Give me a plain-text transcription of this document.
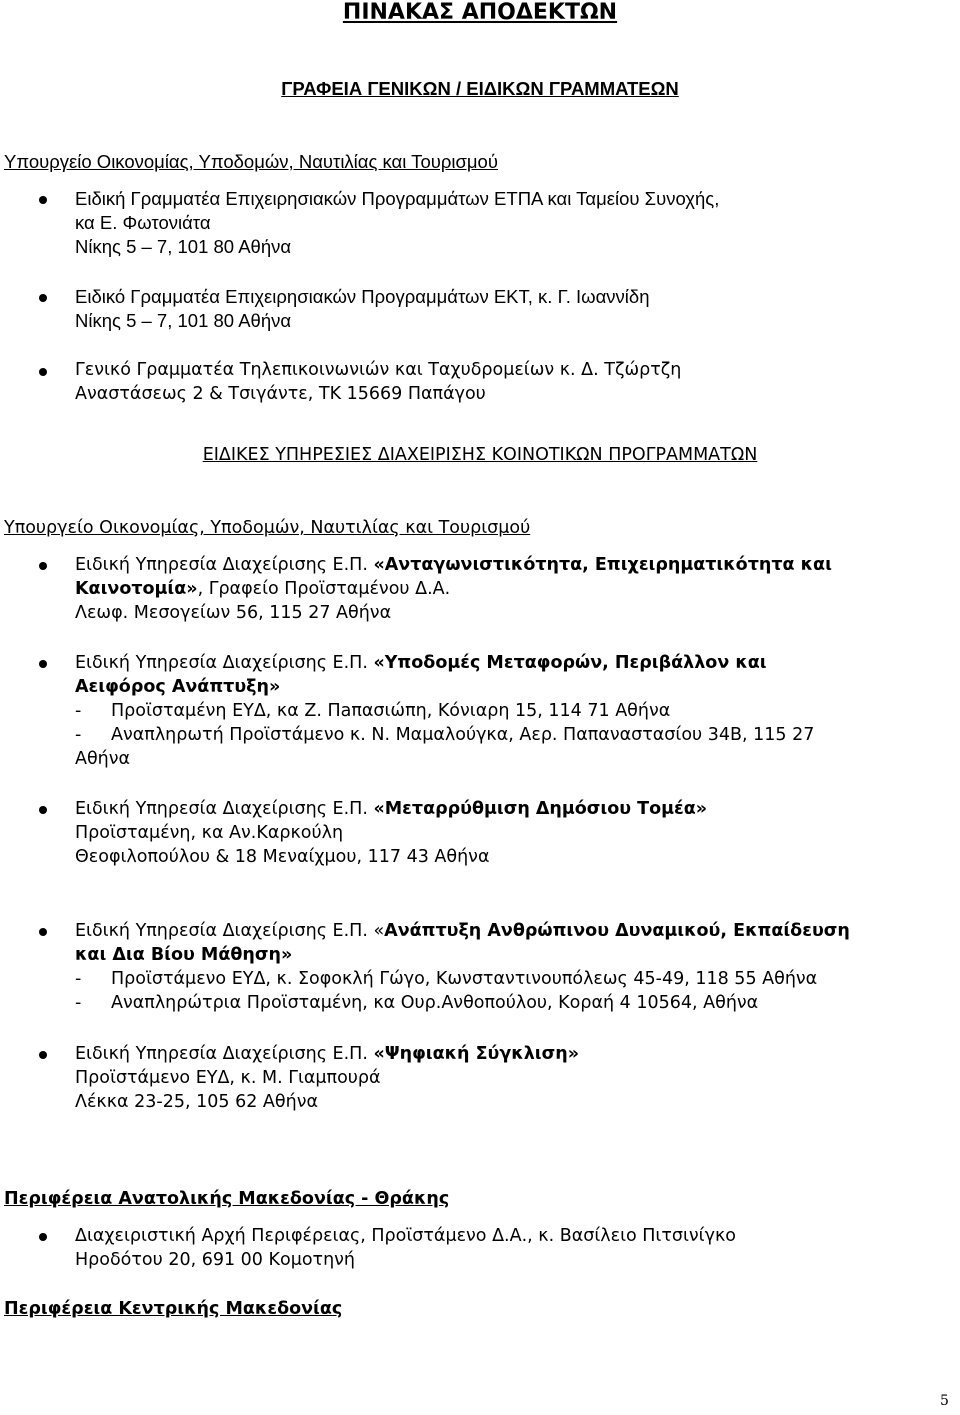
ΠΙΝΑΚΑΣ ΑΠΟΔΕΚΤΩΝ
ΓΡΑΦΕΙΑ ΓΕΝΙΚΩΝ / ΕΙΔΙΚΩΝ ΓΡΑΜΜΑΤΕΩΝ
Υπουργείο Οικονομίας, Υποδομών, Ναυτιλίας και Τουρισμού
Ειδική Γραμματέα Επιχειρησιακών Προγραμμάτων ΕΤΠΑ και Ταμείου Συνοχής,
κα Ε. Φωτονιάτα
Νίκης 5 – 7, 101 80 Αθήνα
Ειδικό Γραμματέα Επιχειρησιακών Προγραμμάτων ΕΚΤ, κ. Γ. Ιωαννίδη
Νίκης 5 – 7, 101 80 Αθήνα
Γενικό Γραμματέα Τηλεπικοινωνιών και Ταχυδρομείων κ. Δ. Τζώρτζη
Αναστάσεως 2 & Τσιγάντε, ΤΚ 15669 Παπάγου
ΕΙΔΙΚΕΣ ΥΠΗΡΕΣΙΕΣ ΔΙΑΧΕΙΡΙΣΗΣ ΚΟΙΝΟΤΙΚΩΝ ΠΡΟΓΡΑΜΜΑΤΩΝ
Υπουργείο Οικονομίας, Υποδομών, Ναυτιλίας και Τουρισμού
Ειδική Υπηρεσία Διαχείρισης Ε.Π. «Ανταγωνιστικότητα, Επιχειρηματικότητα και
Καινοτομία», Γραφείο Προϊσταμένου Δ.Α.
Λεωφ. Μεσογείων 56, 115 27 Αθήνα
Ειδική Υπηρεσία Διαχείρισης Ε.Π. «Υποδομές Μεταφορών, Περιβάλλον και
Αειφόρος Ανάπτυξη»
- Προϊσταμένη ΕΥΔ, κα Ζ. Πaπασιώπη, Κόνιαρη 15, 114 71 Αθήνα
- Αναπληρωτή Προϊστάμενο κ. Ν. Μαμαλούγκα, Αερ. Παπαναστασίου 34Β, 115 27
Αθήνα
Ειδική Υπηρεσία Διαχείρισης Ε.Π. «Μεταρρύθμιση Δημόσιου Τομέα»
Προϊσταμένη, κα Αν.Καρκούλη
Θεοφιλοπούλου & 18 Μεναίχμου, 117 43 Αθήνα
Ειδική Υπηρεσία Διαχείρισης Ε.Π. «Ανάπτυξη Ανθρώπινου Δυναμικού, Εκπαίδευση
και Δια Βίου Μάθηση»
- Προϊστάμενο ΕΥΔ, κ. Σοφοκλή Γώγο, Κωνσταντινουπόλεως 45-49, 118 55 Αθήνα
- Αναπληρώτρια Προϊσταμένη, κα Ουρ.Ανθοπούλου, Κοραή 4 10564, Αθήνα
Ειδική Υπηρεσία Διαχείρισης Ε.Π. «Ψηφιακή Σύγκλιση»
Προϊστάμενο ΕΥΔ, κ. Μ. Γιαμπουρά
Λέκκα 23-25, 105 62 Αθήνα
Περιφέρεια Ανατολικής Μακεδονίας - Θράκης
Διαχειριστική Αρχή Περιφέρειας, Προϊστάμενο Δ.Α., κ. Βασίλειο Πιτσινίγκο
Ηροδότου 20, 691 00 Κομοτηνή
Περιφέρεια Κεντρικής Μακεδονίας
5
